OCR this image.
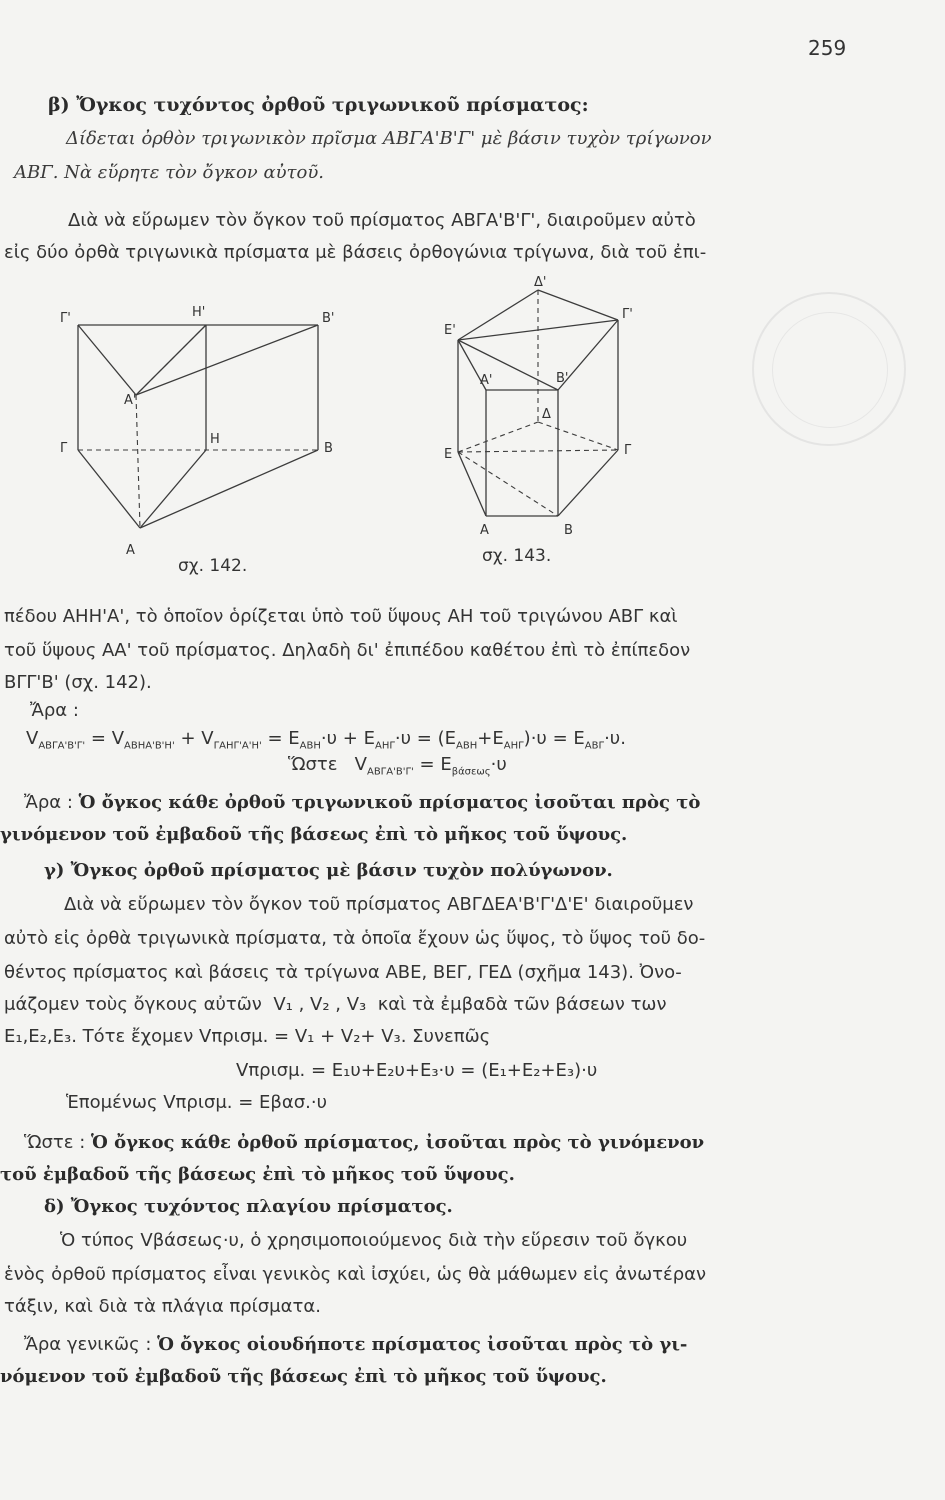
259
β) Ὄγκος τυχόντος ὀρθοῦ τριγωνικοῦ πρίσματος:
Δίδεται ὀρθὸν τριγωνικὸν πρῖσμα ΑΒΓΑ'Β'Γ' μὲ βάσιν τυχὸν τρίγωνον
ΑΒΓ. Νὰ εὕρητε τὸν ὄγκον αὐτοῦ.
Διὰ νὰ εὕρωμεν τὸν ὄγκον τοῦ πρίσματος ΑΒΓΑ'Β'Γ', διαιροῦμεν αὐτὸ
εἰς δύο ὀρθὰ τριγωνικὰ πρίσματα μὲ βάσεις ὀρθογώνια τρίγωνα, διὰ τοῦ ἐπι-
Γ'	Η'	Β'
Α'
Γ
Η
Β
Α
σχ. 142.
Δ'
Ε'
Γ'
Α'	Β'
Δ
Ε	Γ
Α	Β
σχ. 143.
πέδου ΑΗΗ'Α', τὸ ὁποῖον ὁρίζεται ὑπὸ τοῦ ὕψους ΑΗ τοῦ τριγώνου ΑΒΓ καὶ
τοῦ ὕψους ΑΑ' τοῦ πρίσματος. Δηλαδὴ δι' ἐπιπέδου καθέτου ἐπὶ τὸ ἐπίπεδον
ΒΓΓ'Β' (σχ. 142).
Ἄρα :
$V_{AB\Gamma A'B'\Gamma'} = V_{ABHA'B'H'} + V_{\Gamma AH\Gamma'A'H'} = E_{ABH}\cdot\upsilon + E_{AH\Gamma}\cdot\upsilon = (E_{ABH}+E_{AH\Gamma})\cdot\upsilon = E_{AB\Gamma}\cdot\upsilon$.
Ὥστε $V_{AB\Gamma A'B'\Gamma'} = E_{\beta ά\sigma\varepsilon\omega\varsigma}\cdot\upsilon$
Ἄρα : Ὁ ὄγκος κάθε ὀρθοῦ τριγωνικοῦ πρίσματος ἰσοῦται πρὸς τὸ
γινόμενον τοῦ ἐμβαδοῦ τῆς βάσεως ἐπὶ τὸ μῆκος τοῦ ὕψους.
γ) Ὄγκος ὀρθοῦ πρίσματος μὲ βάσιν τυχὸν πολύγωνον.
Διὰ νὰ εὕρωμεν τὸν ὄγκον τοῦ πρίσματος ΑΒΓΔΕΑ'Β'Γ'Δ'Ε' διαιροῦμεν
αὐτὸ εἰς ὀρθὰ τριγωνικὰ πρίσματα, τὰ ὁποῖα ἔχουν ὡς ὕψος, τὸ ὕψος τοῦ δο-
θέντος πρίσματος καὶ βάσεις τὰ τρίγωνα ΑΒΕ, ΒΕΓ, ΓΕΔ (σχῆμα 143). Ὀνο-
μάζομεν τοὺς ὄγκους αὐτῶν V₁ , V₂ , V₃ καὶ τὰ ἐμβαδὰ τῶν βάσεων των
Ε₁,Ε₂,Ε₃. Τότε ἔχομεν Vπρισμ. = V₁ + V₂+ V₃. Συνεπῶς
Vπρισμ. = Ε₁υ+Ε₂υ+Ε₃·υ = (Ε₁+Ε₂+Ε₃)·υ
Ἑπομένως Vπρισμ. = Εβασ.·υ
Ὥστε : Ὁ ὄγκος κάθε ὀρθοῦ πρίσματος, ἰσοῦται πρὸς τὸ γινόμενον
τοῦ ἐμβαδοῦ τῆς βάσεως ἐπὶ τὸ μῆκος τοῦ ὕψους.
δ) Ὄγκος τυχόντος πλαγίου πρίσματος.
Ὁ τύπος Vβάσεως·υ, ὁ χρησιμοποιούμενος διὰ τὴν εὕρεσιν τοῦ ὄγκου
ἑνὸς ὀρθοῦ πρίσματος εἶναι γενικὸς καὶ ἰσχύει, ὡς θὰ μάθωμεν εἰς ἀνωτέραν
τάξιν, καὶ διὰ τὰ πλάγια πρίσματα.
Ἄρα γενικῶς : Ὁ ὄγκος οἱουδήποτε πρίσματος ἰσοῦται πρὸς τὸ γι-
νόμενον τοῦ ἐμβαδοῦ τῆς βάσεως ἐπὶ τὸ μῆκος τοῦ ὕψους.
